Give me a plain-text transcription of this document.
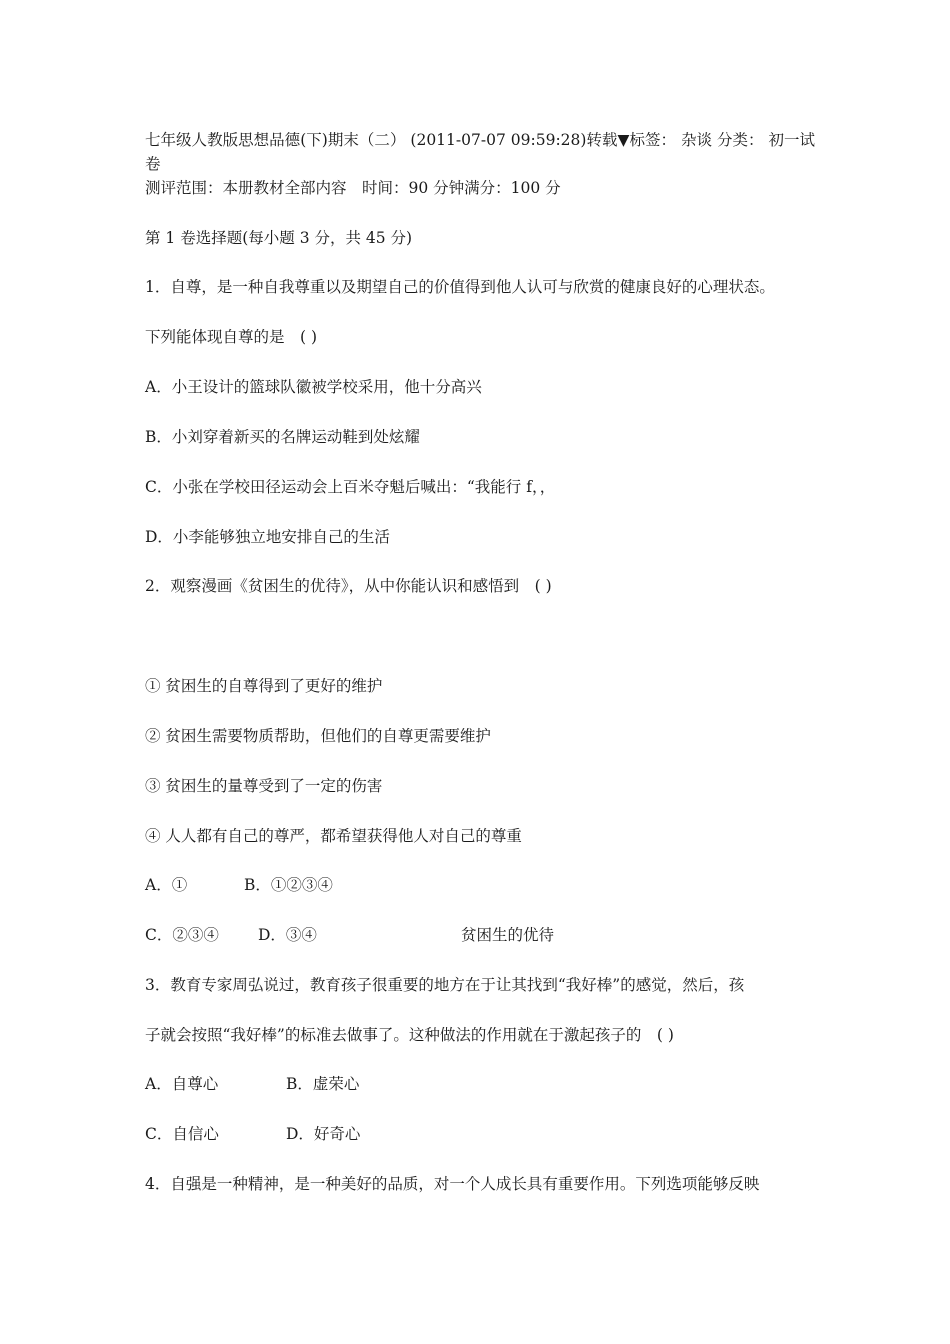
七年级人教版思想品德(下)期末（二） (2011-07-07 09:59:28)转载▼标签： 杂谈 分类： 初一试卷
测评范围：本册教材全部内容　时间：90 分钟满分：100 分
第 1 卷选择题(每小题 3 分，共 45 分)
1．自尊，是一种自我尊重以及期望自己的价值得到他人认可与欣赏的健康良好的心理状态。
下列能体现自尊的是　( )
A．小王设计的篮球队徽被学校采用，他十分高兴
B．小刘穿着新买的名牌运动鞋到处炫耀
C．小张在学校田径运动会上百米夺魁后喊出：“我能行 f，，
D．小李能够独立地安排自己的生活
2．观察漫画《贫困生的优待》，从中你能认识和感悟到　( )
① 贫困生的自尊得到了更好的维护
② 贫困生需要物质帮助，但他们的自尊更需要维护
③ 贫困生的量尊受到了一定的伤害
④ 人人都有自己的尊严，都希望获得他人对自己的尊重
A．①	B．①②③④
C．②③④	D．③④	贫困生的优待
3．教育专家周弘说过，教育孩子很重要的地方在于让其找到“我好棒”的感觉，然后，孩
子就会按照“我好棒”的标准去做事了。这种做法的作用就在于激起孩子的　( )
A．自尊心	B．虚荣心
C．自信心	D．好奇心
4．自强是一种精神，是一种美好的品质，对一个人成长具有重要作用。下列选项能够反映
